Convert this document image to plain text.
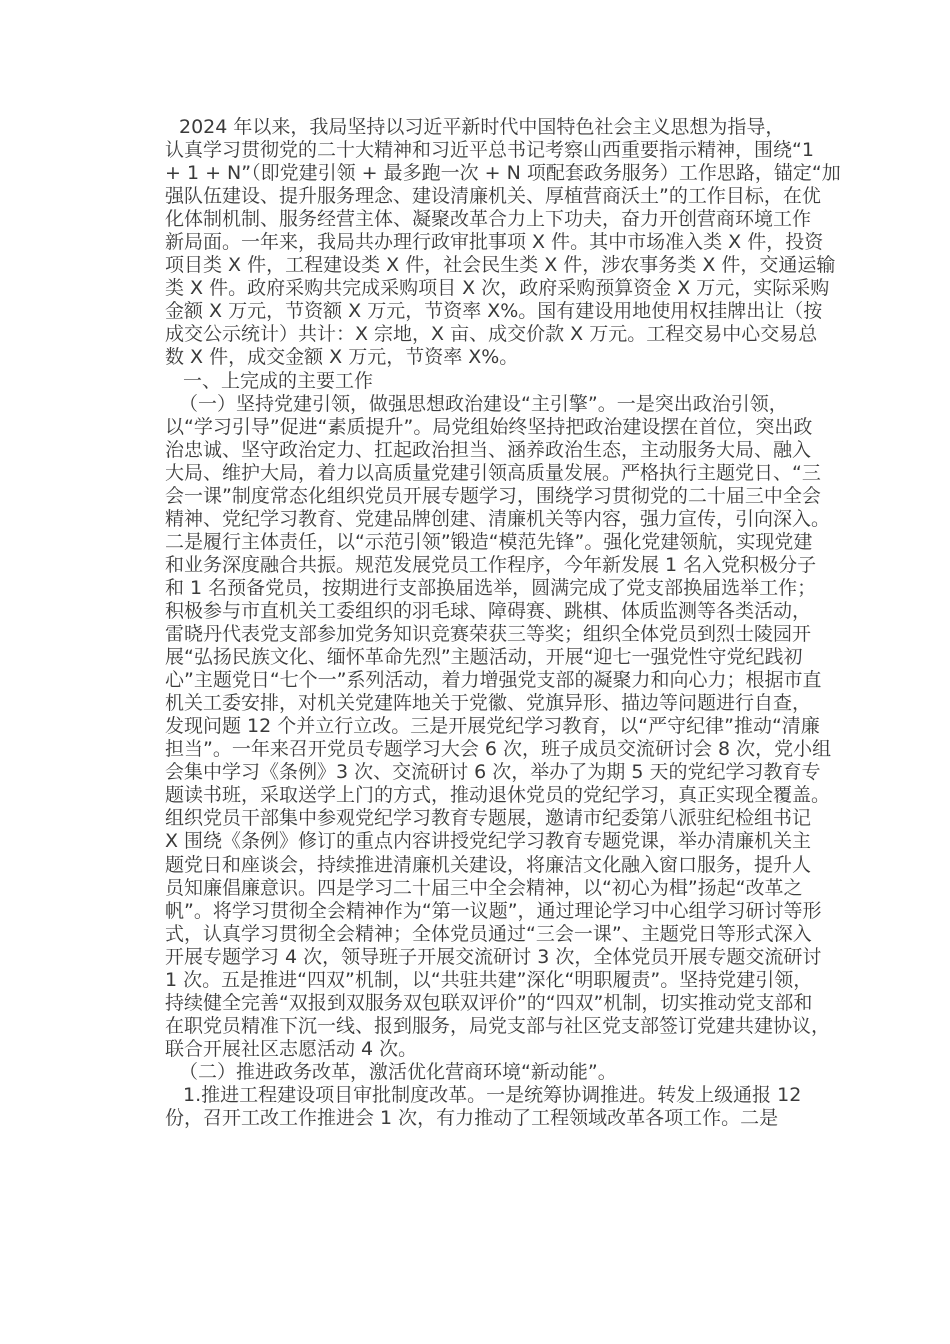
2024 年以来，我局坚持以习近平新时代中国特色社会主义思想为指导，
认真学习贯彻党的二十大精神和习近平总书记考察山西重要指示精神，围绕“1
+ 1 + N”（即党建引领 + 最多跑一次 + N 项配套政务服务）工作思路，锚定“加
强队伍建设、提升服务理念、建设清廉机关、厚植营商沃土”的工作目标，在优
化体制机制、服务经营主体、凝聚改革合力上下功夫，奋力开创营商环境工作
新局面。一年来，我局共办理行政审批事项 X 件。其中市场准入类 X 件，投资
项目类 X 件，工程建设类 X 件，社会民生类 X 件，涉农事务类 X 件，交通运输
类 X 件。政府采购共完成采购项目 X 次，政府采购预算资金 X 万元，实际采购
金额 X 万元，节资额 X 万元，节资率 X%。国有建设用地使用权挂牌出让（按
成交公示统计）共计：X 宗地，X 亩、成交价款 X 万元。工程交易中心交易总
数 X 件，成交金额 X 万元，节资率 X%。
一、上完成的主要工作
（一）坚持党建引领，做强思想政治建设“主引擎”。一是突出政治引领，
以“学习引导”促进“素质提升”。局党组始终坚持把政治建设摆在首位，突出政
治忠诚、坚守政治定力、扛起政治担当、涵养政治生态，主动服务大局、融入
大局、维护大局，着力以高质量党建引领高质量发展。严格执行主题党日、“三
会一课”制度常态化组织党员开展专题学习，围绕学习贯彻党的二十届三中全会
精神、党纪学习教育、党建品牌创建、清廉机关等内容，强力宣传，引向深入。
二是履行主体责任，以“示范引领”锻造“模范先锋”。强化党建领航，实现党建
和业务深度融合共振。规范发展党员工作程序，今年新发展 1 名入党积极分子
和 1 名预备党员，按期进行支部换届选举，圆满完成了党支部换届选举工作；
积极参与市直机关工委组织的羽毛球、障碍赛、跳棋、体质监测等各类活动，
雷晓丹代表党支部参加党务知识竞赛荣获三等奖；组织全体党员到烈士陵园开
展“弘扬民族文化、缅怀革命先烈”主题活动，开展“迎七一强党性守党纪践初
心”主题党日“七个一”系列活动，着力增强党支部的凝聚力和向心力；根据市直
机关工委安排，对机关党建阵地关于党徽、党旗异形、描边等问题进行自查，
发现问题 12 个并立行立改。三是开展党纪学习教育，以“严守纪律”推动“清廉
担当”。一年来召开党员专题学习大会 6 次，班子成员交流研讨会 8 次，党小组
会集中学习《条例》3 次、交流研讨 6 次，举办了为期 5 天的党纪学习教育专
题读书班，采取送学上门的方式，推动退休党员的党纪学习，真正实现全覆盖。
组织党员干部集中参观党纪学习教育专题展，邀请市纪委第八派驻纪检组书记
X 围绕《条例》修订的重点内容讲授党纪学习教育专题党课，举办清廉机关主
题党日和座谈会，持续推进清廉机关建设，将廉洁文化融入窗口服务，提升人
员知廉倡廉意识。四是学习二十届三中全会精神，以“初心为楫”扬起“改革之
帆”。将学习贯彻全会精神作为“第一议题”，通过理论学习中心组学习研讨等形
式，认真学习贯彻全会精神；全体党员通过“三会一课”、主题党日等形式深入
开展专题学习 4 次，领导班子开展交流研讨 3 次，全体党员开展专题交流研讨
1 次。五是推进“四双”机制，以“共驻共建”深化“明职履责”。坚持党建引领，
持续健全完善“双报到双服务双包联双评价”的“四双”机制，切实推动党支部和
在职党员精准下沉一线、报到服务，局党支部与社区党支部签订党建共建协议，
联合开展社区志愿活动 4 次。
（二）推进政务改革，激活优化营商环境“新动能”。
1.推进工程建设项目审批制度改革。一是统筹协调推进。转发上级通报 12
份，召开工改工作推进会 1 次，有力推动了工程领域改革各项工作。二是
